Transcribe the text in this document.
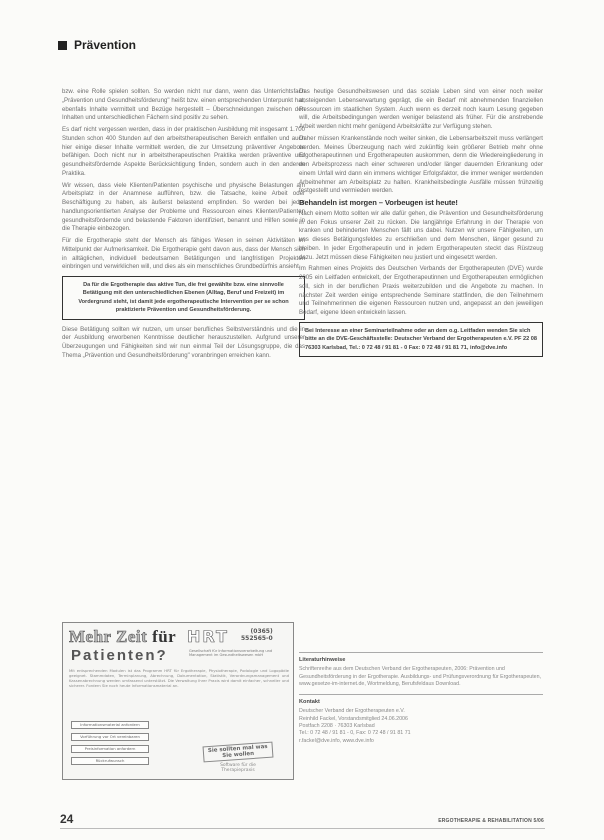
Prävention

bzw. eine Rolle spielen sollten. So werden nicht nur dann, wenn das Unterrichtsfach „Prävention und Gesundheitsförderung" heißt bzw. einen entsprechenden Unterpunkt hat, ebenfalls Inhalte vermittelt und Bezüge hergestellt – Überschneidungen zwischen den Inhalten und unterschiedlichen Fächern sind positiv zu sehen.

Es darf nicht vergessen werden, dass in der praktischen Ausbildung mit insgesamt 1.700 Stunden schon 400 Stunden auf den arbeitstherapeutischen Bereich entfallen und auch hier einige dieser Inhalte vermittelt werden, die zur Umsetzung präventiver Angebote befähigen. Doch nicht nur in arbeitstherapeutischen Praktika werden präventive und gesundheitsfördernde Aspekte Berücksichtigung finden, sondern auch in den anderen Praktika.

Wir wissen, dass viele Klienten/Patienten psychische und physische Belastungen am Arbeitsplatz in der Anamnese aufführen, bzw. die Tatsache, keine Arbeit oder Beschäftigung zu haben, als äußerst belastend empfinden. So werden bei jeder handlungsorientierten Analyse der Probleme und Ressourcen eines Klienten/Patienten gesundheitsfördernde und belastende Faktoren identifiziert, benannt und Hilfen sowie in die Therapie einbezogen.

Für die Ergotherapie steht der Mensch als fähiges Wesen in seinen Aktivitäten im Mittelpunkt der Aufmerksamkeit. Die Ergotherapie geht davon aus, dass der Mensch sich in alltäglichen, individuell bedeutsamen Betätigungen und langfristigen Projekten einbringen und verwirklichen will, und dies als ein menschliches Grundbedürfnis ansieht.

Da für die Ergotherapie das aktive Tun, die frei gewählte bzw. eine sinnvolle Betätigung mit den unterschiedlichen Ebenen (Alltag, Beruf und Freizeit) im Vordergrund steht, ist damit jede ergotherapeutische Intervention per se schon praktizierte Prävention und Gesundheitsförderung.

Diese Betätigung sollten wir nutzen, um unser berufliches Selbstverständnis und die in der Ausbildung erworbenen Kenntnisse deutlicher herauszustellen. Aufgrund unserer Überzeugungen und Fähigkeiten sind wir nun einmal Teil der Lösungsgruppe, die das Thema „Prävention und Gesundheitsförderung" voranbringen erreichen kann.

Das heutige Gesundheitswesen und das soziale Leben sind von einer noch weiter ansteigenden Lebenserwartung geprägt, die ein Bedarf mit abnehmenden finanziellen Ressourcen im staatlichen System. Auch wenn es derzeit noch kaum Lesung gegeben will, die Arbeitsbedingungen werden weniger belastend als früher. Für die anstrebende Arbeit werden nicht mehr genügend Arbeitskräfte zur Verfügung stehen.

Daher müssen Krankenstände noch weiter sinken, die Lebensarbeitszeit muss verlängert werden. Meines Überzeugung nach wird zukünftig kein größerer Betrieb mehr ohne Ergotherapeutinnen und Ergotherapeuten auskommen, denn die Wiedereingliederung in den Arbeitsprozess nach einer schweren und/oder länger dauernden Erkrankung oder einem Unfall wird dann ein immens wichtiger Erfolgsfaktor, die immer weniger werdenden Arbeitnehmer am Arbeitsplatz zu halten. Krankheitsbedingte Ausfälle müssen frühzeitig festgestellt und vermieden werden.

Behandeln ist morgen – Vorbeugen ist heute!

Nach einem Motto sollten wir alle dafür gehen, die Prävention und Gesundheitsförderung in den Fokus unserer Zeit zu rücken. Die langjährige Erfahrung in der Therapie von kranken und behinderten Menschen fällt uns dabei. Nutzen wir unsere Fähigkeiten, um uns dieses Betätigungsfeldes zu erschließen und dem Menschen, länger gesund zu bleiben. In jeder Ergotherapeutin und in jedem Ergotherapeuten steckt das Rüstzeug dazu. Jetzt müssen diese Fähigkeiten neu justiert und eingesetzt werden.

Im Rahmen eines Projekts des Deutschen Verbands der Ergotherapeuten (DVE) wurde 2005 ein Leitfaden entwickelt, der Ergotherapeutinnen und Ergotherapeuten ermöglichen soll, sich in der beruflichen Praxis weiterzubilden und die Angebote zu machen. In nächster Zeit werden einige entsprechende Seminare stattfinden, die den Teilnehmern und Teilnehmerinnen die eigenen Ressourcen nutzen und, angepasst an den jeweiligen Bedarf, eigene Ideen entwickeln lassen.

Bei Interesse an einer Seminarteilnahme oder an dem o.g. Leitfaden wenden Sie sich bitte an die DVE-Geschäftsstelle: Deutscher Verband der Ergotherapeuten e.V. PF 22 08 76303 Karlsbad, Tel.: 0 72 48 / 91 81 - 0 Fax: 0 72 48 / 91 81 71, info@dve.info
Mehr Zeit für
Patienten?
HRT	(0365)
552565-0
Gesellschaft für Informationsverarbeitung und Management im Gesundheitswesen mbH
Mit entsprechenden Modulen ist das Programm HRT für Ergotherapie, Physiotherapie, Podologie und Logopädie geeignet. Stammdaten, Terminplanung, Abrechnung, Dokumentation, Statistik, Verordnungsmanagement und Kassenabrechnung werden umfassend unterstützt. Die Verwaltung Ihrer Praxis wird damit einfacher, schneller und sicherer. Fordern Sie noch heute Informationsmaterial an.
Informationsmaterial anfordern
Vorführung vor Ort vereinbaren
Preisinformation anfordern
Rückrufwunsch
Sie sollten mal was Sie wollen
Software für die Therapiepraxis
Literaturhinweise
Schriftenreihe aus dem Deutschen Verband der Ergotherapeuten, 2006: Prävention und Gesundheitsförderung in der Ergotherapie. Ausbildungs- und Prüfungsverordnung für Ergotherapeuten, www.gesetze-im-internet.de, Wortmeldung, Berufsfeldaus Download.
Kontakt
Deutscher Verband der Ergotherapeuten e.V.
Reinhild Fackel, Vorstandsmitglied 24.06.2006
Postfach 2208 · 76303 Karlsbad
Tel.: 0 72 48 / 91 81 - 0, Fax: 0 72 48 / 91 81 71
r.fackel@dve.info, www.dve.info
24	ERGOTHERAPIE & REHABILITATION 5/06
